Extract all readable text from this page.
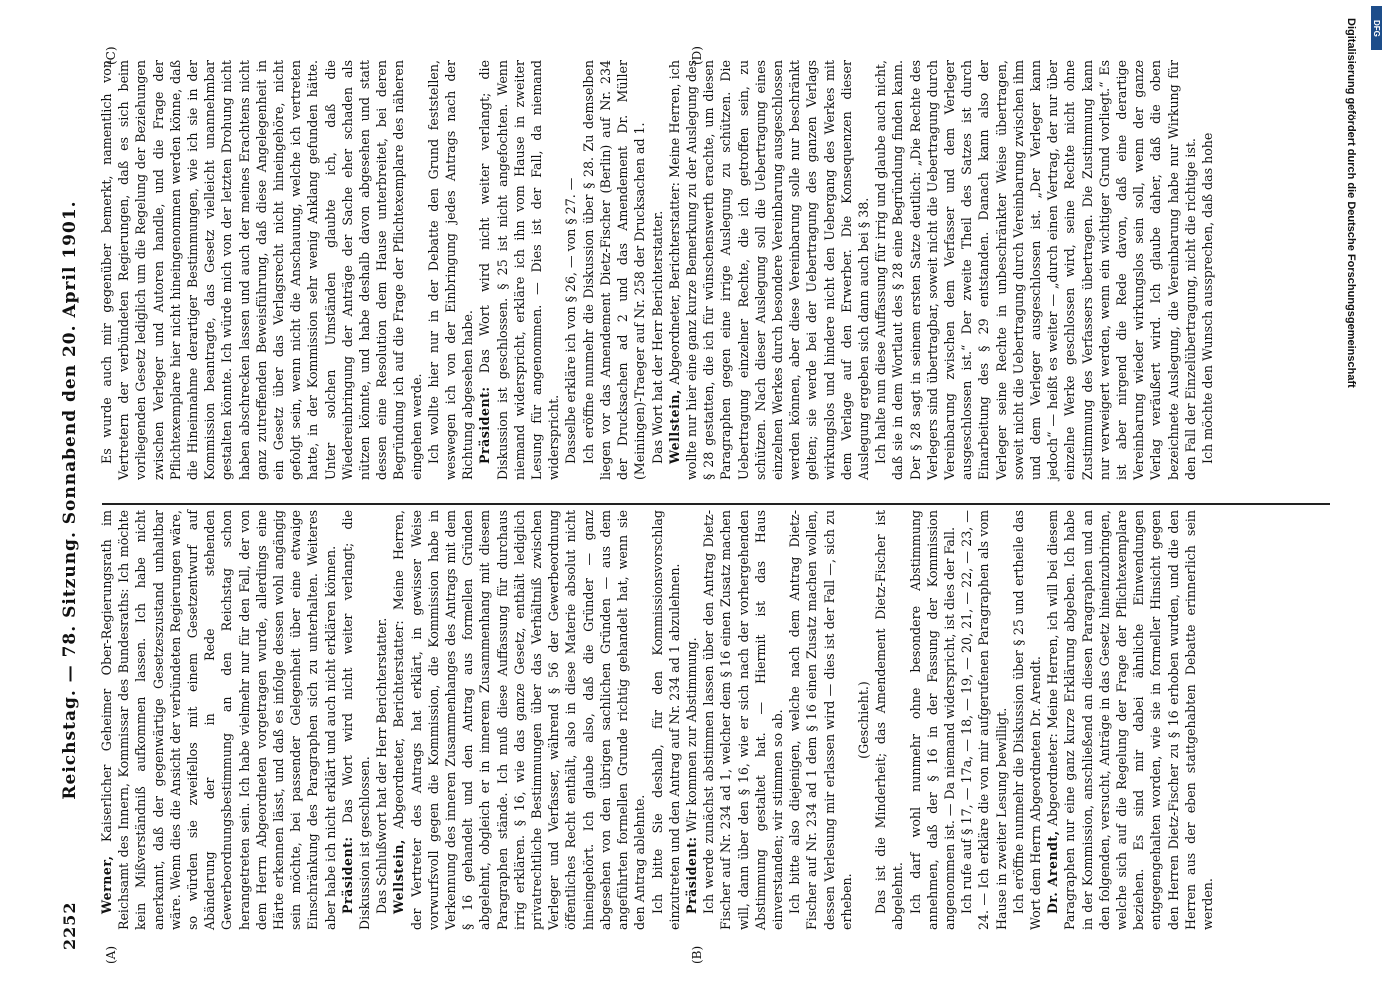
2252
Reichstag. — 78. Sitzung. Sonnabend den 20. April 1901.
(A)	(B)
(C)	(D)

Werner, Kaiserlicher Geheimer Ober-Regierungsrath im Reichsamt des Innern, Kommissar des Bundesraths: Ich möchte kein Mißverständniß aufkommen lassen. Ich habe nicht anerkannt, daß der gegenwärtige Gesetzeszustand unhaltbar wäre. Wenn dies die Ansicht der verbündeten Regierungen wäre, so würden sie zweifellos mit einem Gesetzentwurf auf Abänderung der in Rede stehenden Gewerbeordnungsbestimmung an den Reichstag schon herangetreten sein. Ich habe vielmehr nur für den Fall, der von dem Herrn Abgeordneten vorgetragen wurde, allerdings eine Härte erkennen lässt, und daß es infolge dessen wohl angängig sein möchte, bei passender Gelegenheit über eine etwaige Einschränkung des Paragraphen sich zu unterhalten. Weiteres aber habe ich nicht erklärt und auch nicht erklären können. Präsident: Das Wort wird nicht weiter verlangt; die Diskussion ist geschlossen. Das Schlußwort hat der Herr Berichterstatter. Wellstein, Abgeordneter, Berichterstatter: Meine Herren, der Vertreter des Antrags hat erklärt, in gewisser Weise vorwurfsvoll gegen die Kommission, die Kommission habe in Verkennung des inneren Zusammenhanges des Antrags mit dem § 16 gehandelt und den Antrag aus formellen Gründen abgelehnt, obgleich er in innerem Zusammenhang mit diesem Paragraphen stände. Ich muß diese Auffassung für durchaus irrig erklären. § 16, wie das ganze Gesetz, enthält lediglich privatrechtliche Bestimmungen über das Verhältniß zwischen Verleger und Verfasser, während § 56 der Gewerbeordnung öffentliches Recht enthält, also in diese Materie absolut nicht hineingehört. Ich glaube also, daß die Gründer — ganz abgesehen von den übrigen sachlichen Gründen — aus dem angeführten formellen Grunde richtig gehandelt hat, wenn sie den Antrag ablehnte. Ich bitte Sie deshalb, für den Kommissionsvorschlag einzutreten und den Antrag auf Nr. 234 ad 1 abzulehnen. Präsident: Wir kommen zur Abstimmung. Ich werde zunächst abstimmen lassen über den Antrag Dietz-Fischer auf Nr. 234 ad 1, welcher dem § 16 einen Zusatz machen will, dann über den § 16, wie er sich nach der vorhergehenden Abstimmung gestaltet hat. — Hiermit ist das Haus einverstanden; wir stimmen so ab. Ich bitte also diejenigen, welche nach dem Antrag Dietz-Fischer auf Nr. 234 ad 1 dem § 16 einen Zusatz machen wollen, dessen Verlesung mir erlassen wird — dies ist der Fall —, sich zu erheben.

(Geschieht.) Das ist die Minderheit; das Amendement Dietz-Fischer ist abgelehnt. Ich darf wohl nunmehr ohne besondere Abstimmung annehmen, daß der § 16 in der Fassung der Kommission angenommen ist. — Da niemand widerspricht, ist dies der Fall. Ich rufe auf § 17, — 17a, — 18, — 19, — 20, 21, — 22, — 23, — 24. — Ich erkläre die von mir aufgerufenen Paragraphen als vom Hause in zweiter Lesung bewilligt. Ich eröffne nunmehr die Diskussion über § 25 und ertheile das Wort dem Herrn Abgeordneten Dr. Arendt. Dr. Arendt, Abgeordneter: Meine Herren, ich will bei diesem Paragraphen nur eine ganz kurze Erklärung abgeben. Ich habe in der Kommission, anschließend an diesen Paragraphen und an den folgenden, versucht, Anträge in das Gesetz hineinzubringen, welche sich auf die Regelung der Frage der Pflichtexemplare beziehen. Es sind mir dabei ähnliche Einwendungen entgegengehalten worden, wie sie in formeller Hinsicht gegen den Herren Dietz-Fischer zu § 16 erhoben wurden, und die den Herren aus der eben stattgehabten Debatte erinnerlich sein werden.

Es wurde auch mir gegenüber bemerkt, namentlich von Vertretern der verbündeten Regierungen, daß es sich beim vorliegenden Gesetz lediglich um die Regelung der Beziehungen zwischen Verleger und Autoren handle, und die Frage der Pflichtexemplare hier nicht hineingenommen werden könne, daß die Hineinnahme derartiger Bestimmungen, wie ich sie in der Kommission beantragte, das Gesetz vielleicht unannehmbar gestalten könnte. Ich würde mich von der letzten Drohung nicht haben abschrecken lassen und auch der meines Erachtens nicht ganz zutreffenden Beweisführung, daß diese Angelegenheit in ein Gesetz über das Verlagsrecht nicht hineingehöre, nicht gefolgt sein, wenn nicht die Anschauung, welche ich vertreten hatte, in der Kommission sehr wenig Anklang gefunden hätte. Unter solchen Umständen glaubte ich, daß die Wiedereinbringung der Anträge der Sache eher schaden als nützen könnte, und habe deshalb davon abgesehen und statt dessen eine Resolution dem Hause unterbreitet, bei deren Begründung ich auf die Frage der Pflichtexemplare des näheren eingehen werde. Ich wollte hier nur in der Debatte den Grund feststellen, weswegen ich von der Einbringung jedes Antrags nach der Richtung abgesehen habe. Präsident: Das Wort wird nicht weiter verlangt; die Diskussion ist geschlossen. § 25 ist nicht angefochten. Wenn niemand widerspricht, erkläre ich ihn vom Hause in zweiter Lesung für angenommen. — Dies ist der Fall, da niemand widerspricht. Dasselbe erkläre ich von § 26, — von § 27. — Ich eröffne nunmehr die Diskussion über § 28. Zu demselben liegen vor das Amendement Dietz-Fischer (Berlin) auf Nr. 234 der Drucksachen ad 2 und das Amendement Dr. Müller (Meiningen)-Traeger auf Nr. 258 der Drucksachen ad 1. Das Wort hat der Herr Berichterstatter. Wellstein, Abgeordneter, Berichterstatter: Meine Herren, ich wollte nur hier eine ganz kurze Bemerkung zu der Auslegung des § 28 gestatten, die ich für wünschenswerth erachte, um diesen Paragraphen gegen eine irrige Auslegung zu schützen. Die Uebertragung einzelner Rechte, die ich getroffen sein, zu schützen. Nach dieser Auslegung soll die Uebertragung eines einzelnen Werkes durch besondere Vereinbarung ausgeschlossen werden können, aber diese Vereinbarung solle nur beschränkt gelten; sie werde bei der Uebertragung des ganzen Verlags wirkungslos und hindere nicht den Uebergang des Werkes mit dem Verlage auf den Erwerber. Die Konsequenzen dieser Auslegung ergeben sich dann auch bei § 38. Ich halte nun diese Auffassung für irrig und glaube auch nicht, daß sie in dem Wortlaut des § 28 eine Begründung finden kann. Der § 28 sagt in seinem ersten Satze deutlich: „Die Rechte des Verlegers sind übertragbar, soweit nicht die Uebertragung durch Vereinbarung zwischen dem Verfasser und dem Verleger ausgeschlossen ist.“ Der zweite Theil des Satzes ist durch Einarbeitung des § 29 entstanden. Danach kann also der Verleger seine Rechte in unbeschränkter Weise übertragen, soweit nicht die Uebertragung durch Vereinbarung zwischen ihm und dem Verleger ausgeschlossen ist. „Der Verleger kann jedoch“ — heißt es weiter — „durch einen Vertrag, der nur über einzelne Werke geschlossen wird, seine Rechte nicht ohne Zustimmung des Verfassers übertragen. Die Zustimmung kann nur verweigert werden, wenn ein wichtiger Grund vorliegt.“ Es ist aber nirgend die Rede davon, daß eine derartige Vereinbarung wieder wirkungslos sein soll, wenn der ganze Verlag veräußert wird. Ich glaube daher, daß die oben bezeichnete Auslegung, die Vereinbarung habe nur Wirkung für den Fall der Einzelübertragung, nicht die richtige ist. Ich möchte den Wunsch aussprechen, daß das hohe

DFG
Digitalisierung gefördert durch die Deutsche Forschungsgemeinschaft
